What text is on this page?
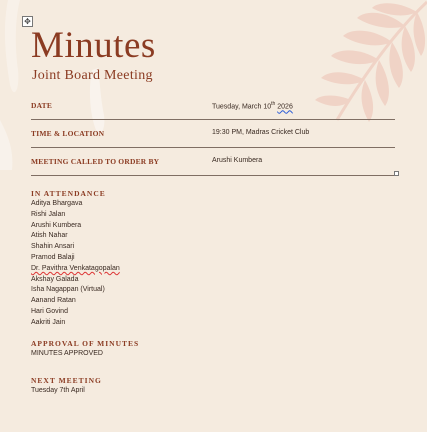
✥
Minutes
Joint Board Meeting
DATE	Tuesday, March 10th 2026
TIME & LOCATION	19:30 PM, Madras Cricket Club
MEETING CALLED TO ORDER BY	Arushi Kumbera
IN ATTENDANCE
Aditya Bhargava
Rishi Jalan
Arushi Kumbera
Atish Nahar
Shahin Ansari
Pramod Balaji
Dr. Pavithra Venkatagopalan
Akshay Galada
Isha Nagappan (Virtual)
Aanand Ratan
Hari Govind
Aakriti Jain
APPROVAL OF MINUTES
MINUTES APPROVED
NEXT MEETING
Tuesday 7th April
